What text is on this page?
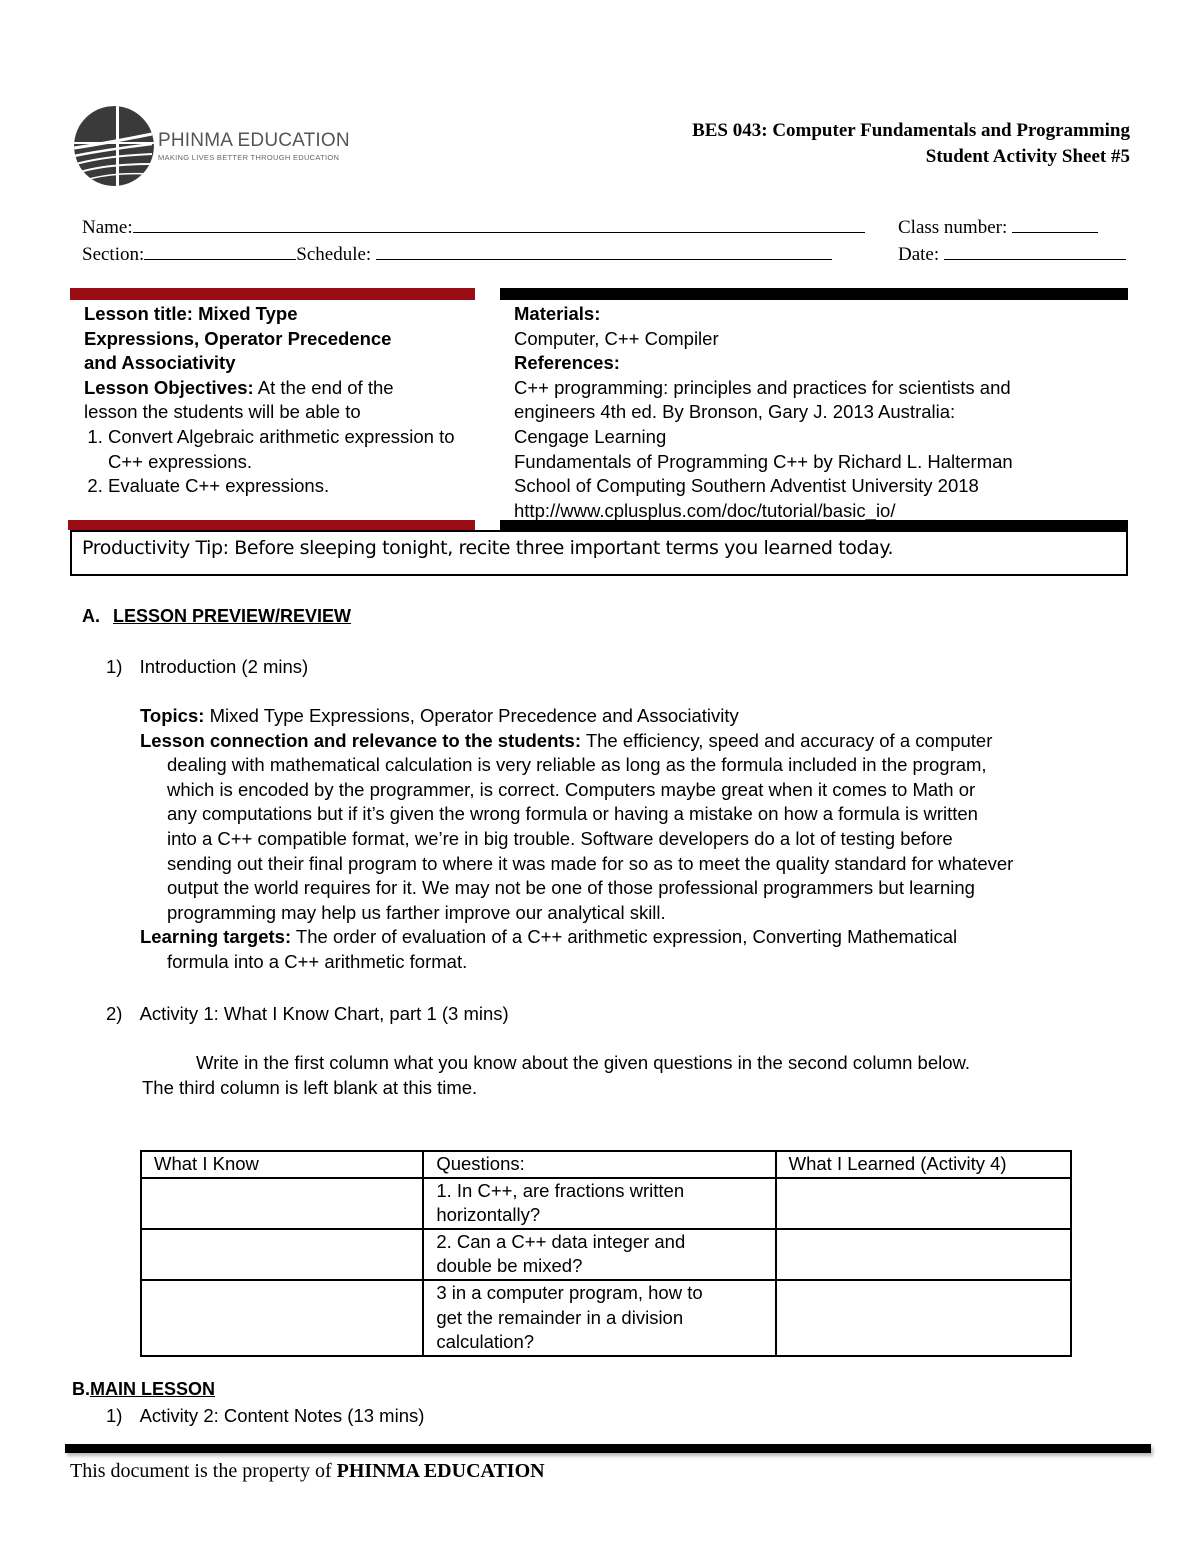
PHINMA EDUCATION
MAKING LIVES BETTER THROUGH EDUCATION
BES 043: Computer Fundamentals and Programming
Student Activity Sheet #5
Name:	Class number:
Section:	Schedule:	Date:
Lesson title: Mixed Type
Expressions, Operator Precedence
and Associativity
Lesson Objectives: At the end of the
lesson the students will be able to
1. Convert Algebraic arithmetic expression to C++ expressions.
2. Evaluate C++ expressions.
Materials:
Computer, C++ Compiler
References:
C++ programming: principles and practices for scientists and
engineers 4th ed. By Bronson, Gary J. 2013 Australia:
Cengage Learning
Fundamentals of Programming C++ by Richard L. Halterman
School of Computing Southern Adventist University 2018
http://www.cplusplus.com/doc/tutorial/basic_io/
Productivity Tip: Before sleeping tonight, recite three important terms you learned today.
A. LESSON PREVIEW/REVIEW
1) Introduction (2 mins)
Topics: Mixed Type Expressions, Operator Precedence and Associativity
Lesson connection and relevance to the students: The efficiency, speed and accuracy of a computer
dealing with mathematical calculation is very reliable as long as the formula included in the program,
which is encoded by the programmer, is correct. Computers maybe great when it comes to Math or
any computations but if it’s given the wrong formula or having a mistake on how a formula is written
into a C++ compatible format, we’re in big trouble. Software developers do a lot of testing before
sending out their final program to where it was made for so as to meet the quality standard for whatever
output the world requires for it. We may not be one of those professional programmers but learning
programming may help us farther improve our analytical skill.
Learning targets: The order of evaluation of a C++ arithmetic expression, Converting Mathematical
formula into a C++ arithmetic format.
2) Activity 1: What I Know Chart, part 1 (3 mins)
Write in the first column what you know about the given questions in the second column below.
The third column is left blank at this time.
What I Know	Questions:	What I Learned (Activity 4)

	1. In C++, are fractions written
horizontally?	

	2. Can a C++ data integer and
double be mixed?	

	3 in a computer program, how to
get the remainder in a division
calculation?	

B.MAIN LESSON
1) Activity 2: Content Notes (13 mins)
This document is the property of PHINMA EDUCATION
